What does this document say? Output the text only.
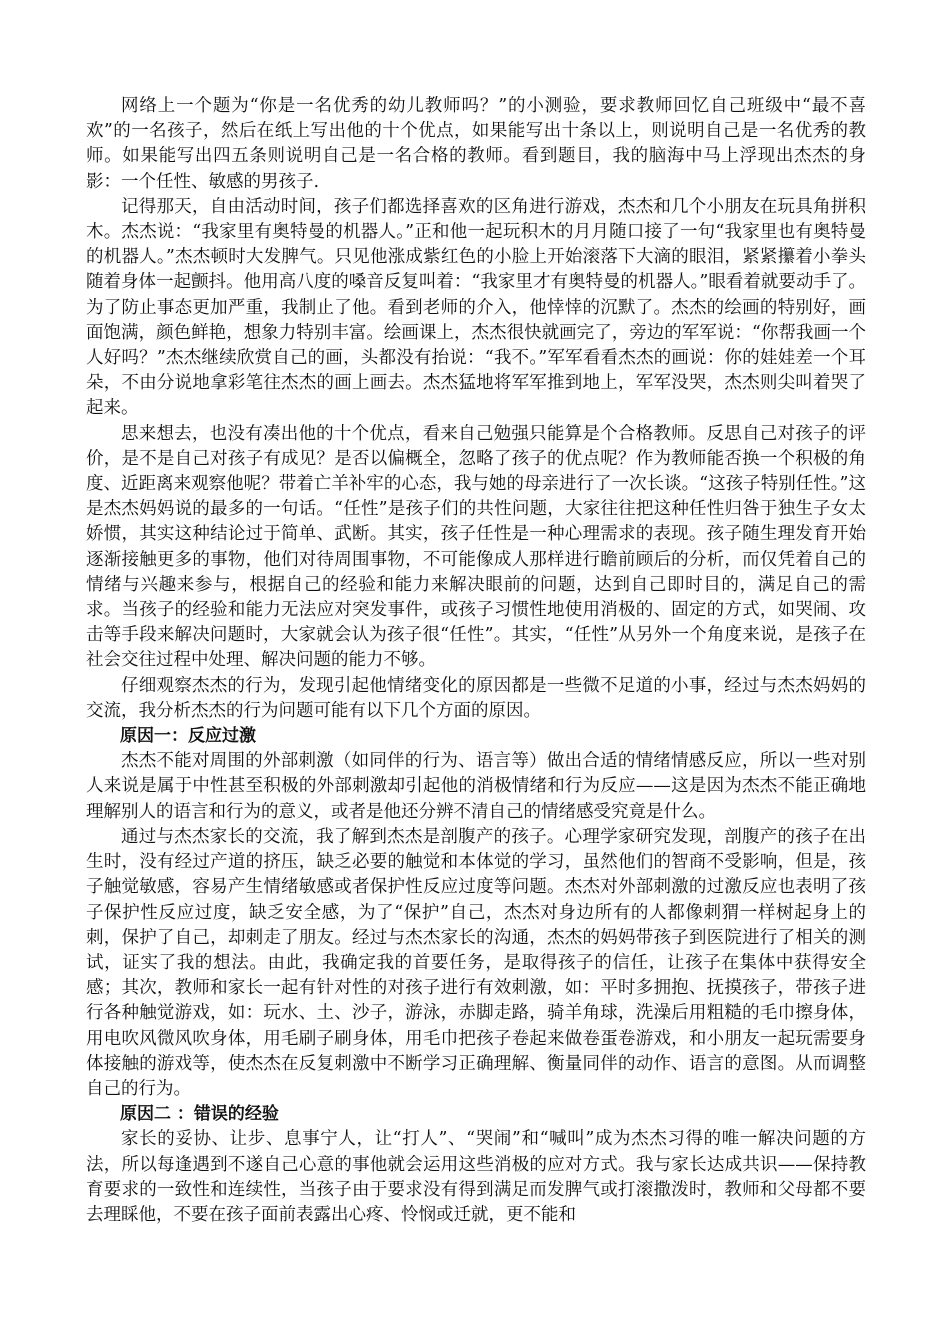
网络上一个题为“你是一名优秀的幼儿教师吗？”的小测验，要求教师回忆自己班级中“最不喜欢”的一名孩子，然后在纸上写出他的十个优点，如果能写出十条以上，则说明自己是一名优秀的教师。如果能写出四五条则说明自己是一名合格的教师。看到题目，我的脑海中马上浮现出杰杰的身影：一个任性、敏感的男孩子.

记得那天，自由活动时间，孩子们都选择喜欢的区角进行游戏，杰杰和几个小朋友在玩具角拼积木。杰杰说：“我家里有奥特曼的机器人。”正和他一起玩积木的月月随口接了一句“我家里也有奥特曼的机器人。”杰杰顿时大发脾气。只见他涨成紫红色的小脸上开始滚落下大滴的眼泪，紧紧攥着小拳头随着身体一起颤抖。他用高八度的嗓音反复叫着：“我家里才有奥特曼的机器人。”眼看着就要动手了。为了防止事态更加严重，我制止了他。看到老师的介入，他悻悻的沉默了。杰杰的绘画的特别好，画面饱满，颜色鲜艳，想象力特别丰富。绘画课上，杰杰很快就画完了，旁边的军军说：“你帮我画一个人好吗？”杰杰继续欣赏自己的画，头都没有抬说：“我不。”军军看看杰杰的画说：你的娃娃差一个耳朵，不由分说地拿彩笔往杰杰的画上画去。杰杰猛地将军军推到地上，军军没哭，杰杰则尖叫着哭了起来。

思来想去，也没有凑出他的十个优点，看来自己勉强只能算是个合格教师。反思自己对孩子的评价，是不是自己对孩子有成见？是否以偏概全，忽略了孩子的优点呢？作为教师能否换一个积极的角度、近距离来观察他呢？带着亡羊补牢的心态，我与她的母亲进行了一次长谈。“这孩子特别任性。”这是杰杰妈妈说的最多的一句话。“任性”是孩子们的共性问题，大家往往把这种任性归咎于独生子女太娇惯，其实这种结论过于简单、武断。其实，孩子任性是一种心理需求的表现。孩子随生理发育开始逐渐接触更多的事物，他们对待周围事物，不可能像成人那样进行瞻前顾后的分析，而仅凭着自己的情绪与兴趣来参与，根据自己的经验和能力来解决眼前的问题，达到自己即时目的，满足自己的需求。当孩子的经验和能力无法应对突发事件，或孩子习惯性地使用消极的、固定的方式，如哭闹、攻击等手段来解决问题时，大家就会认为孩子很“任性”。其实，“任性”从另外一个角度来说，是孩子在社会交往过程中处理、解决问题的能力不够。

仔细观察杰杰的行为，发现引起他情绪变化的原因都是一些微不足道的小事，经过与杰杰妈妈的交流，我分析杰杰的行为问题可能有以下几个方面的原因。

原因一：反应过激

杰杰不能对周围的外部刺激（如同伴的行为、语言等）做出合适的情绪情感反应，所以一些对别人来说是属于中性甚至积极的外部刺激却引起他的消极情绪和行为反应——这是因为杰杰不能正确地理解别人的语言和行为的意义，或者是他还分辨不清自己的情绪感受究竟是什么。

通过与杰杰家长的交流，我了解到杰杰是剖腹产的孩子。心理学家研究发现，剖腹产的孩子在出生时，没有经过产道的挤压，缺乏必要的触觉和本体觉的学习，虽然他们的智商不受影响，但是，孩子触觉敏感，容易产生情绪敏感或者保护性反应过度等问题。杰杰对外部刺激的过激反应也表明了孩子保护性反应过度，缺乏安全感，为了“保护”自己，杰杰对身边所有的人都像刺猬一样树起身上的刺，保护了自己，却刺走了朋友。经过与杰杰家长的沟通，杰杰的妈妈带孩子到医院进行了相关的测试，证实了我的想法。由此，我确定我的首要任务，是取得孩子的信任，让孩子在集体中获得安全感；其次，教师和家长一起有针对性的对孩子进行有效刺激，如：平时多拥抱、抚摸孩子，带孩子进行各种触觉游戏，如：玩水、土、沙子，游泳，赤脚走路，骑羊角球，洗澡后用粗糙的毛巾擦身体，用电吹风微风吹身体，用毛刷子刷身体，用毛巾把孩子卷起来做卷蛋卷游戏，和小朋友一起玩需要身体接触的游戏等，使杰杰在反复刺激中不断学习正确理解、衡量同伴的动作、语言的意图。从而调整自己的行为。

原因二 ：错误的经验

家长的妥协、让步、息事宁人，让“打人”、“哭闹”和“喊叫”成为杰杰习得的唯一解决问题的方法，所以每逢遇到不遂自己心意的事他就会运用这些消极的应对方式。我与家长达成共识——保持教育要求的一致性和连续性，当孩子由于要求没有得到满足而发脾气或打滚撒泼时，教师和父母都不要去理睬他，不要在孩子面前表露出心疼、怜悯或迁就，更不能和
